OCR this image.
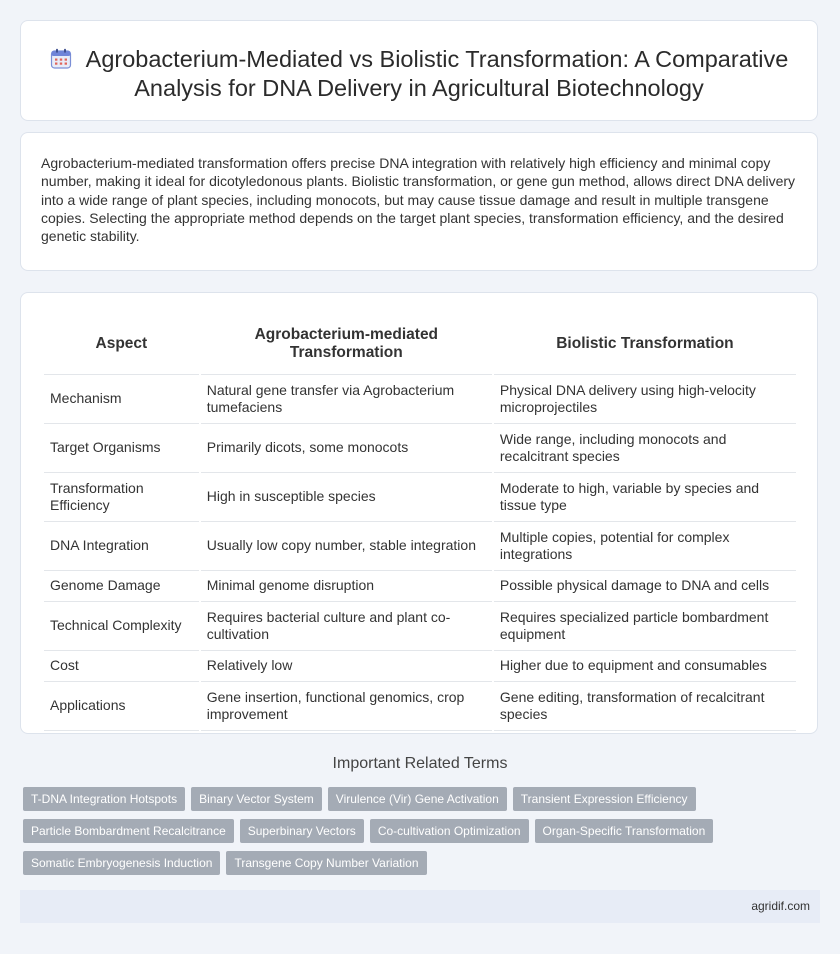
Agrobacterium-Mediated vs Biolistic Transformation: A Comparative Analysis for DNA Delivery in Agricultural Biotechnology

Agrobacterium-mediated transformation offers precise DNA integration with relatively high efficiency and minimal copy number, making it ideal for dicotyledonous plants. Biolistic transformation, or gene gun method, allows direct DNA delivery into a wide range of plant species, including monocots, but may cause tissue damage and result in multiple transgene copies. Selecting the appropriate method depends on the target plant species, transformation efficiency, and the desired genetic stability.

Aspect	Agrobacterium-mediated Transformation	Biolistic Transformation
Mechanism	Natural gene transfer via Agrobacterium tumefaciens	Physical DNA delivery using high-velocity microprojectiles
Target Organisms	Primarily dicots, some monocots	Wide range, including monocots and recalcitrant species
Transformation Efficiency	High in susceptible species	Moderate to high, variable by species and tissue type
DNA Integration	Usually low copy number, stable integration	Multiple copies, potential for complex integrations
Genome Damage	Minimal genome disruption	Possible physical damage to DNA and cells
Technical Complexity	Requires bacterial culture and plant co-cultivation	Requires specialized particle bombardment equipment
Cost	Relatively low	Higher due to equipment and consumables
Applications	Gene insertion, functional genomics, crop improvement	Gene editing, transformation of recalcitrant species
Important Related Terms
T-DNA Integration Hotspots	Binary Vector System	Virulence (Vir) Gene Activation	Transient Expression Efficiency
Particle Bombardment Recalcitrance	Superbinary Vectors	Co-cultivation Optimization	Organ-Specific Transformation
Somatic Embryogenesis Induction	Transgene Copy Number Variation
agridif.com
